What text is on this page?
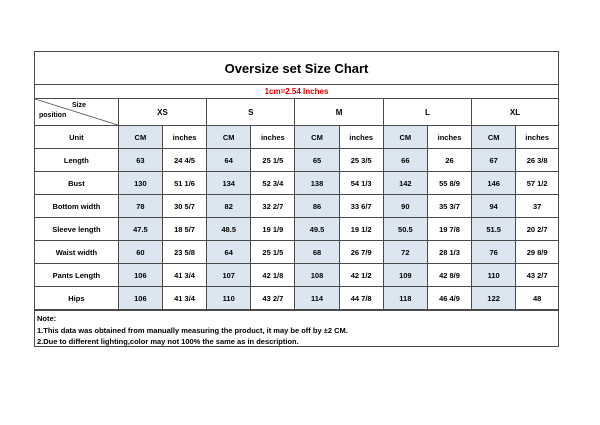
Oversize set Size Chart
1cm=2.54 Inches
Size
position	XS		S		M		L		XL	
Unit	CM	inches	CM	inches	CM	inches	CM	inches	CM	inches
Length	63	24 4/5	64	25 1/5	65	25 3/5	66	26	67	26 3/8
Bust	130	51 1/6	134	52 3/4	138	54 1/3	142	55 8/9	146	57 1/2
Bottom width	78	30 5/7	82	32 2/7	86	33 6/7	90	35 3/7	94	37
Sleeve length	47.5	18 5/7	48.5	19 1/9	49.5	19 1/2	50.5	19 7/8	51.5	20 2/7
Waist width	60	23 5/8	64	25 1/5	68	26 7/9	72	28 1/3	76	29 8/9
Pants Length	106	41 3/4	107	42 1/8	108	42 1/2	109	42 8/9	110	43 2/7
Hips	106	41 3/4	110	43 2/7	114	44 7/8	118	46 4/9	122	48
Note:
1.This data was obtained from manually measuring the product, it may be off by ±2 CM.
2.Due to different lighting,color may not 100% the same as in description.
